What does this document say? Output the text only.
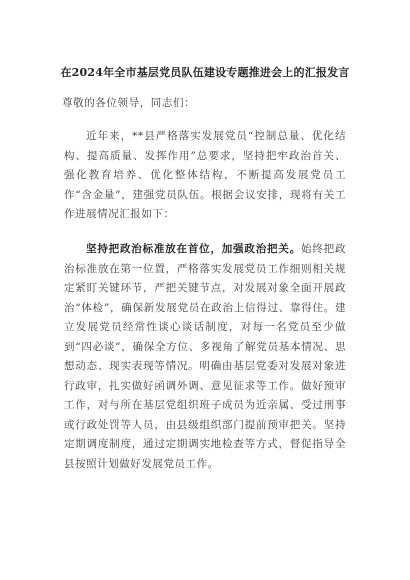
在2024年全市基层党员队伍建设专题推进会上的汇报发言
尊敬的各位领导，同志们：

近年来，**县严格落实发展党员“控制总量、优化结构、提高质量、发挥作用”总要求，坚持把牢政治首关、强化教育培养、优化整体结构，不断提高发展党员工作“含金量”，建强党员队伍。根据会议安排，现将有关工作进展情况汇报如下：

坚持把政治标准放在首位，加强政治把关。始终把政治标准放在第一位置，严格落实发展党员工作细则相关规定紧盯关键环节，严把关键节点，对发展对象全面开展政治“体检”，确保新发展党员在政治上信得过、靠得住。建立发展党员经常性谈心谈话制度，对每一名党员至少做到“四必谈”，确保全方位、多视角了解党员基本情况、思想动态、现实表现等情况。明确由基层党委对发展对象进行政审，扎实做好函调外调、意见征求等工作。做好预审工作，对与所在基层党组织班子成员为近亲属、受过刑事或行政处罚等人员，由县级组织部门提前预审把关。坚持定期调度制度，通过定期调实地检查等方式，督促指导全县按照计划做好发展党员工作。
